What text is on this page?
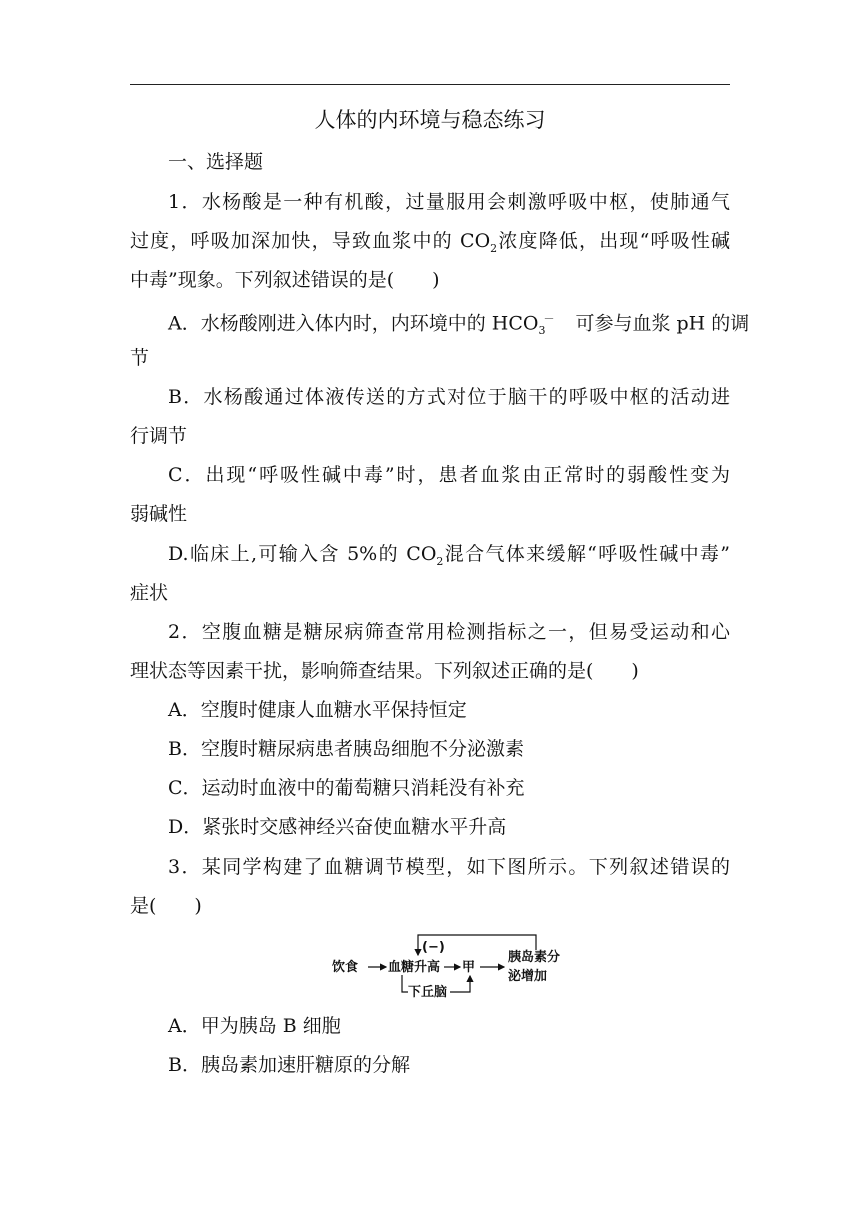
人体的内环境与稳态练习
一、选择题
1．水杨酸是一种有机酸，过量服用会刺激呼吸中枢，使肺通气
过度，呼吸加深加快，导致血浆中的 $CO_2$浓度降低，出现“呼吸性碱
中毒”现象。下列叙述错误的是(　　)
A．水杨酸刚进入体内时，内环境中的 $HCO_3^-$　可参与血浆 pH 的调
节
B．水杨酸通过体液传送的方式对位于脑干的呼吸中枢的活动进
行调节
C．出现“呼吸性碱中毒”时，患者血浆由正常时的弱酸性变为
弱碱性
D.临床上,可输入含 5%的 $CO_2$混合气体来缓解“呼吸性碱中毒”
症状
2．空腹血糖是糖尿病筛查常用检测指标之一，但易受运动和心
理状态等因素干扰，影响筛查结果。下列叙述正确的是(　　)
A．空腹时健康人血糖水平保持恒定
B．空腹时糖尿病患者胰岛细胞不分泌激素
C．运动时血液中的葡萄糖只消耗没有补充
D．紧张时交感神经兴奋使血糖水平升高
3．某同学构建了血糖调节模型，如下图所示。下列叙述错误的
是(　　)
饮食 血糖升高 甲
胰岛素分
泌增加
(−)
下丘脑
A．甲为胰岛 B 细胞
B．胰岛素加速肝糖原的分解
